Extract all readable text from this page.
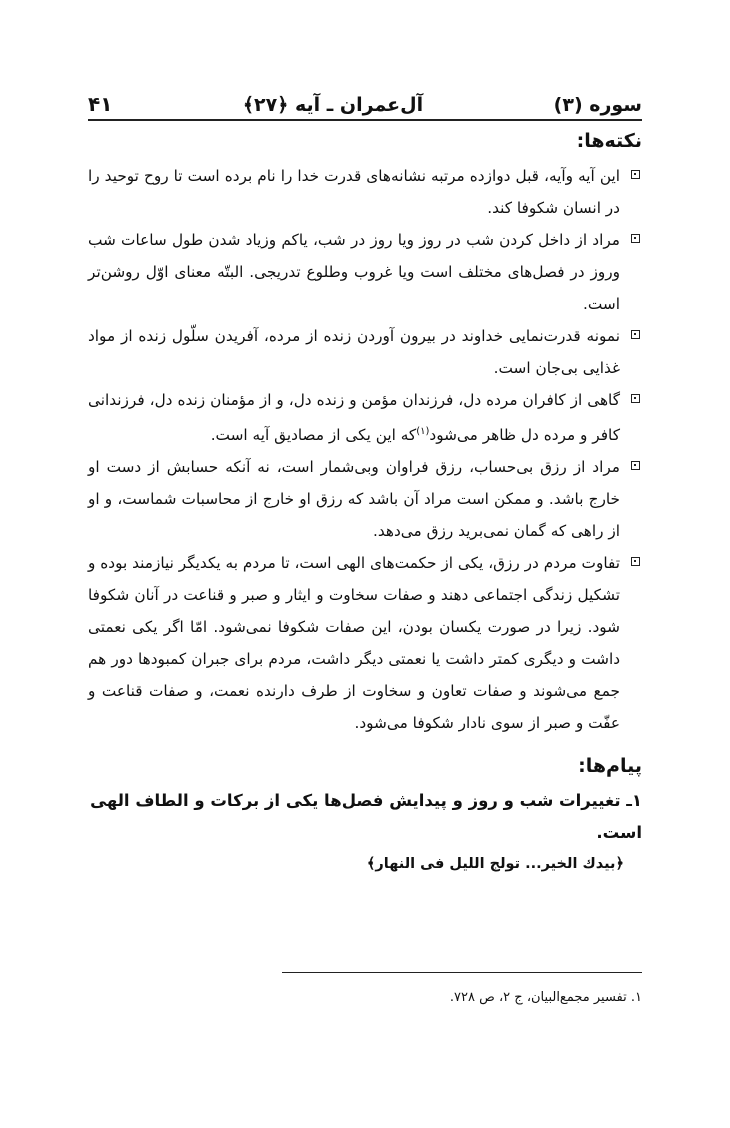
سوره (۳)
آل‌عمران ـ آیه ﴿۲۷﴾
۴۱
نکته‌ها:
این آیه وآیه، قبل دوازده مرتبه نشانه‌های قدرت خدا را نام برده است تا روح توحید را در انسان شکوفا کند.
مراد از داخل کردن شب در روز ویا روز در شب، یاکم وزیاد شدن طول ساعات شب وروز در فصل‌های مختلف است ویا غروب وطلوع تدریجی. البتّه معنای اوّل روشن‌تر است.
نمونه قدرت‌نمایی خداوند در بیرون آوردن زنده از مرده، آفریدن سلّول زنده از مواد غذایی بی‌جان است.
گاهی از کافران مرده دل، فرزندان مؤمن و زنده دل، و از مؤمنان زنده دل، فرزندانی کافر و مرده دل ظاهر می‌شود$^{(۱)}$که این یکی از مصادیق آیه است.
مراد از رزق بی‌حساب، رزق فراوان وبی‌شمار است، نه آنکه حسابش از دست او خارج باشد. و ممکن است مراد آن باشد که رزق او خارج از محاسبات شماست، و او از راهی که گمان نمی‌برید رزق می‌دهد.
تفاوت مردم در رزق، یکی از حکمت‌های الهی است، تا مردم به یکدیگر نیازمند بوده و تشکیل زندگی اجتماعی دهند و صفات سخاوت و ایثار و صبر و قناعت در آنان شکوفا شود. زیرا در صورت یکسان بودن، این صفات شکوفا نمی‌شود. امّا اگر یکی نعمتی داشت و دیگری کمتر داشت یا نعمتی دیگر داشت، مردم برای جبران کمبودها دور هم جمع می‌شوند و صفات تعاون و سخاوت از طرف دارنده نعمت، و صفات قناعت و عفّت و صبر از سوی نادار شکوفا می‌شود.
پیام‌ها:
۱ـ تغییرات شب و روز و پیدایش فصل‌ها یکی از برکات و الطاف الهی است.
﴿بیدك الخیر... تولج اللیل فی النهار﴾
۱. تفسیر مجمع‌البیان، ج ۲، ص ۷۲۸.
